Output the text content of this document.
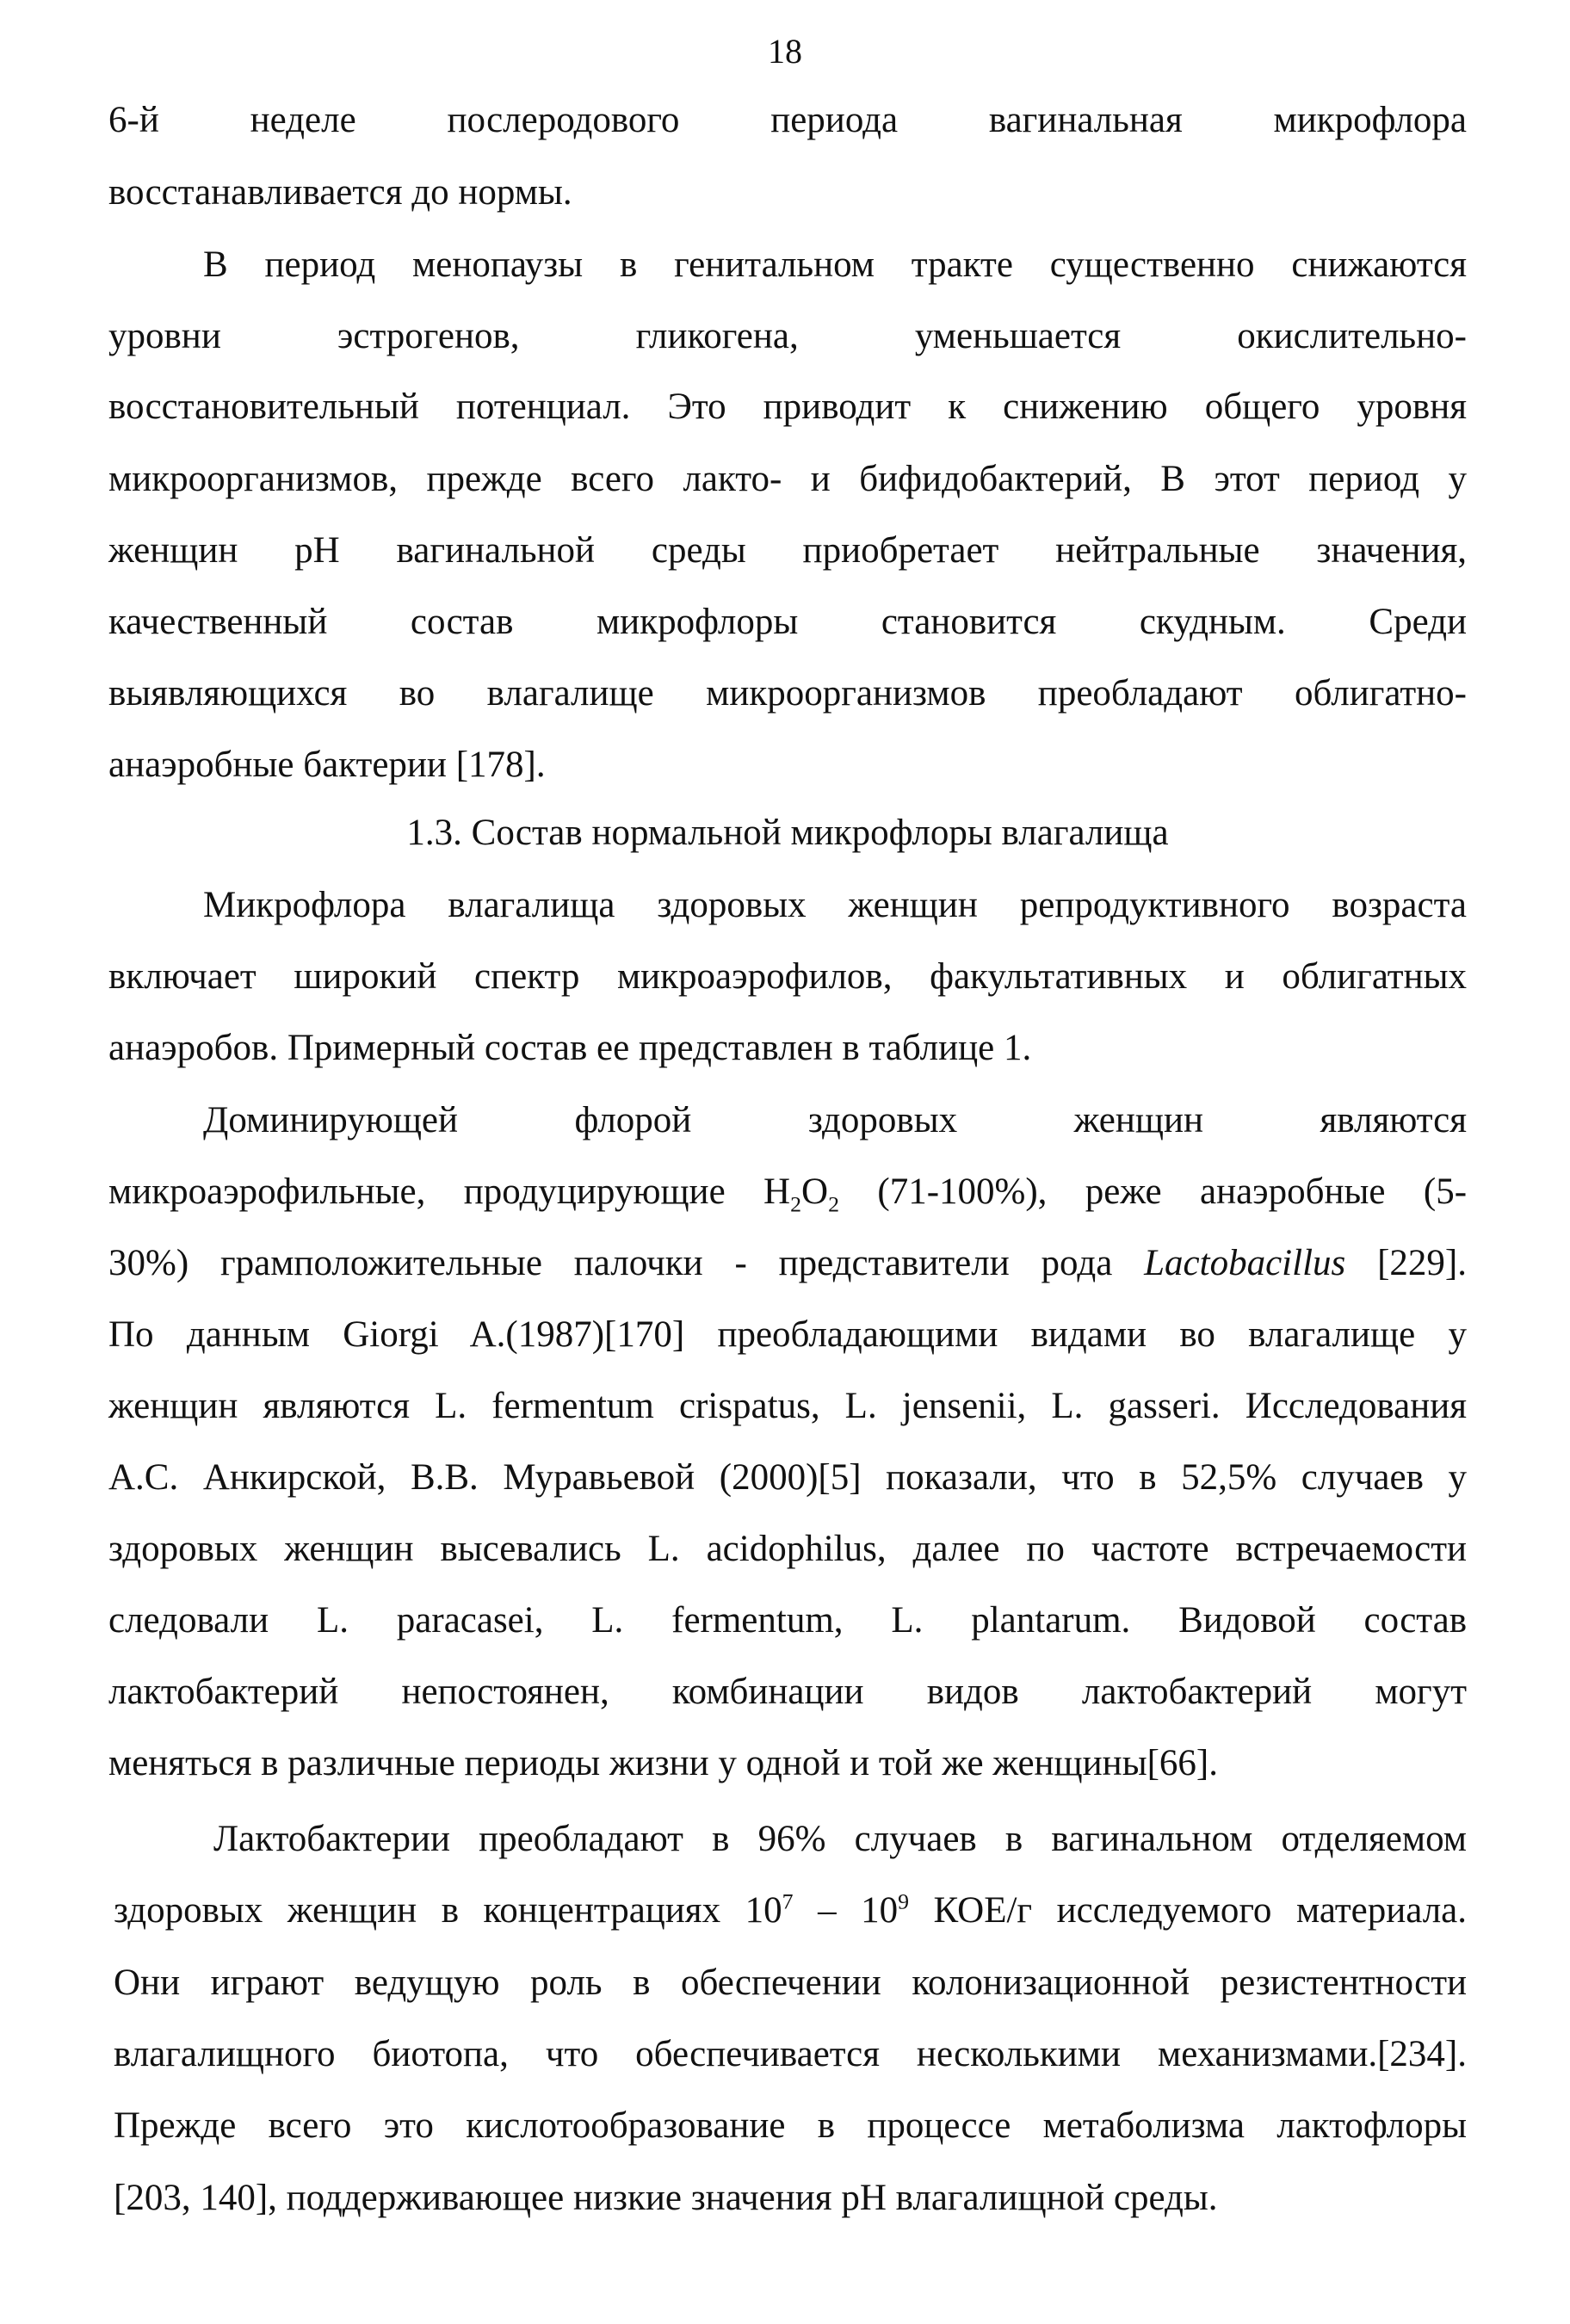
18
6-й неделе послеродового периода вагинальная микрофлора
восстанавливается до нормы.
В период менопаузы в генитальном тракте существенно снижаются
уровни эстрогенов, гликогена, уменьшается окислительно-
восстановительный потенциал. Это приводит к снижению общего уровня
микроорганизмов, прежде всего лакто- и бифидобактерий, В этот период у
женщин pH вагинальной среды приобретает нейтральные значения,
качественный состав микрофлоры становится скудным. Среди
выявляющихся во влагалище микроорганизмов преобладают облигатно-
анаэробные бактерии [178].
1.3. Состав нормальной микрофлоры влагалища
Микрофлора влагалища здоровых женщин репродуктивного возраста
включает широкий спектр микроаэрофилов, факультативных и облигатных
анаэробов. Примерный состав ее представлен в таблице 1.
Доминирующей флорой здоровых женщин являются
микроаэрофильные, продуцирующие $H_2O_2$ (71-100%), реже анаэробные (5-
30%) грамположительные палочки - представители рода Lactobacillus [229].
По данным Giorgi A.(1987)[170] преобладающими видами во влагалище у
женщин являются L. fermentum crispatus, L. jensenii, L. gasseri. Исследования
А.С. Анкирской, В.В. Муравьевой (2000)[5] показали, что в 52,5% случаев у
здоровых женщин высевались L. acidophilus, далее по частоте встречаемости
следовали L. paracasei, L. fermentum, L. plantarum. Видовой состав
лактобактерий непостоянен, комбинации видов лактобактерий могут
меняться в различные периоды жизни у одной и той же женщины[66].
Лактобактерии преобладают в 96% случаев в вагинальном отделяемом
здоровых женщин в концентрациях $10^7 - 10^9$ КОЕ/г исследуемого материала.
Они играют ведущую роль в обеспечении колонизационной резистентности
влагалищного биотопа, что обеспечивается несколькими механизмами.[234].
Прежде всего это кислотообразование в процессе метаболизма лактофлоры
[203, 140], поддерживающее низкие значения pH влагалищной среды.
